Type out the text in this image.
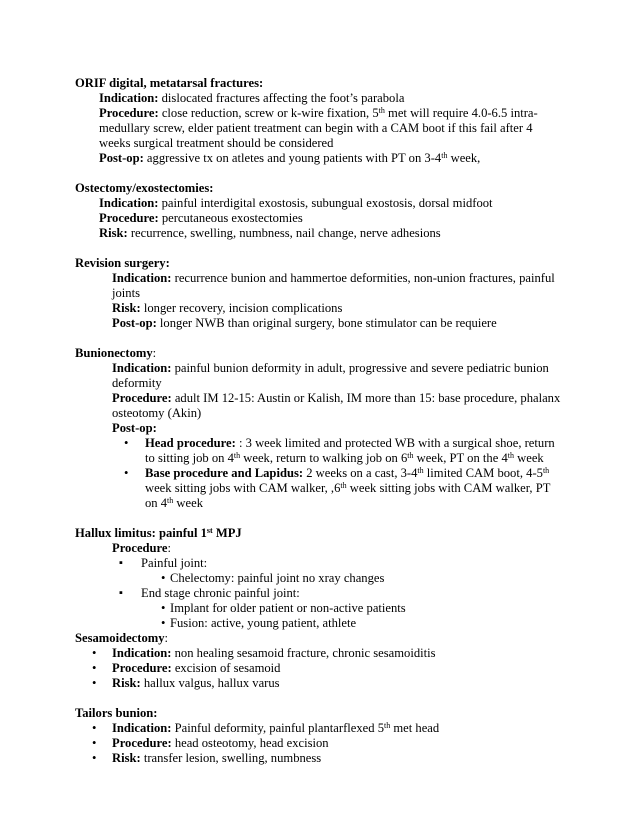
ORIF digital, metatarsal fractures:
Indication: dislocated fractures affecting the foot’s parabola
Procedure: close reduction, screw or k-wire fixation, 5th met will require 4.0-6.5 intra-
medullary screw, elder patient treatment can begin with a CAM boot if this fail after 4
weeks surgical treatment should be considered
Post-op: aggressive tx on atletes and young patients with PT on 3-4th week,
Ostectomy/exostectomies:
Indication: painful interdigital exostosis, subungual exostosis, dorsal midfoot
Procedure: percutaneous exostectomies
Risk: recurrence, swelling, numbness, nail change, nerve adhesions
Revision surgery:
Indication: recurrence bunion and hammertoe deformities, non-union fractures, painful
joints
Risk: longer recovery, incision complications
Post-op: longer NWB than original surgery, bone stimulator can be requiere
Bunionectomy:
Indication: painful bunion deformity in adult, progressive and severe pediatric bunion
deformity
Procedure: adult IM 12-15: Austin or Kalish, IM more than 15: base procedure, phalanx
osteotomy (Akin)
Post-op:
• Head procedure: : 3 week limited and protected WB with a surgical shoe, return
to sitting job on 4th week, return to walking job on 6th week, PT on the 4th week
• Base procedure and Lapidus: 2 weeks on a cast, 3-4th limited CAM boot, 4-5th
week sitting jobs with CAM walker, ,6th week sitting jobs with CAM walker, PT
on 4th week
Hallux limitus: painful 1st MPJ
Procedure:
▪ Painful joint:
• Chelectomy: painful joint no xray changes
▪ End stage chronic painful joint:
• Implant for older patient or non-active patients
• Fusion: active, young patient, athlete
Sesamoidectomy:
• Indication: non healing sesamoid fracture, chronic sesamoiditis
• Procedure: excision of sesamoid
• Risk: hallux valgus, hallux varus
Tailors bunion:
• Indication: Painful deformity, painful plantarflexed 5th met head
• Procedure: head osteotomy, head excision
• Risk: transfer lesion, swelling, numbness
